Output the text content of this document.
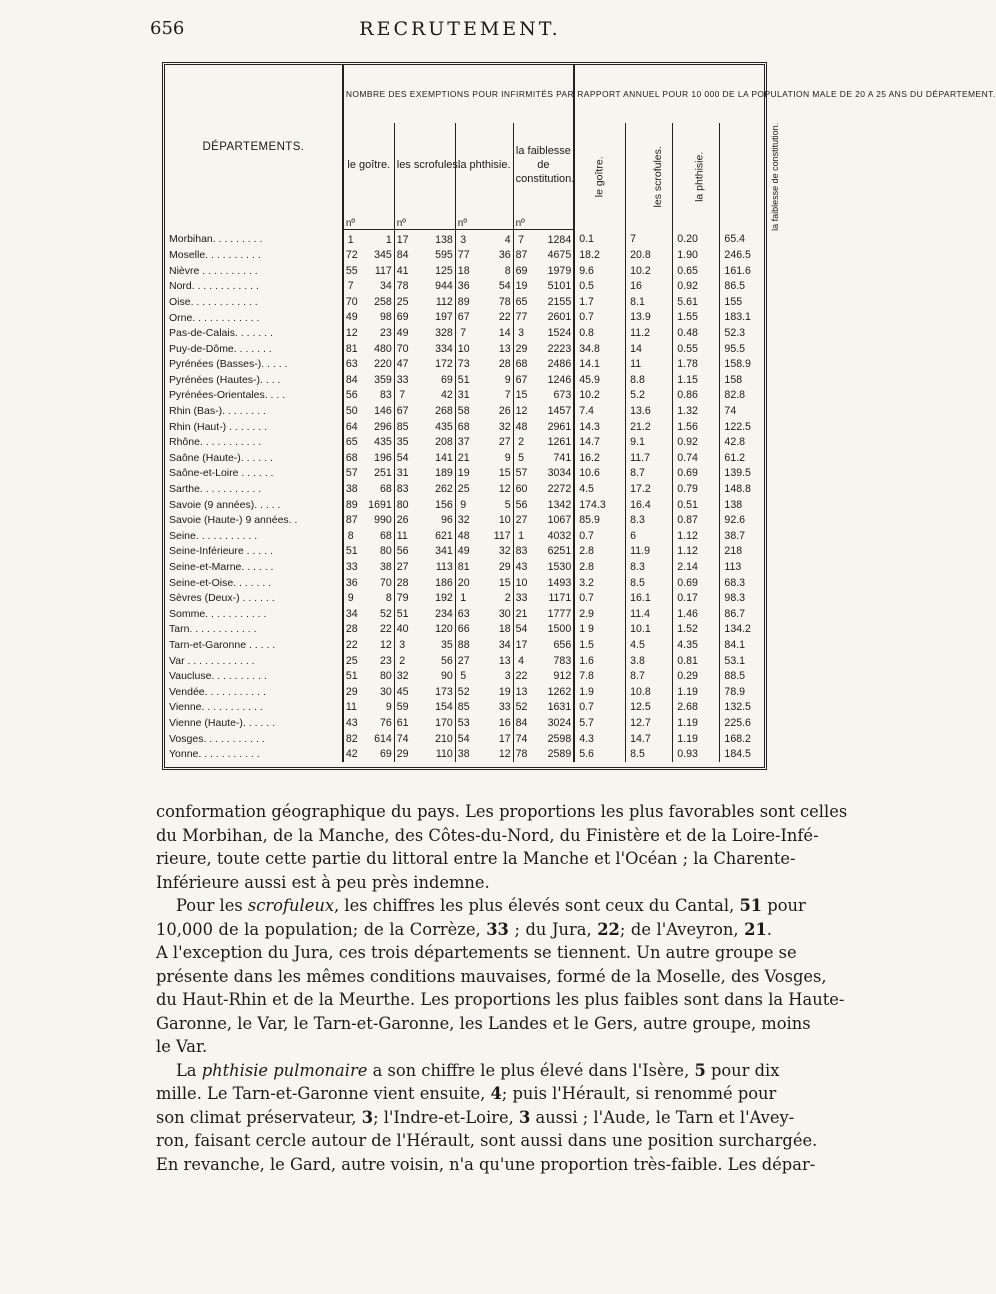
656	RECRUTEMENT.
DÉPARTEMENTS.	NOMBRE DES EXEMPTIONS POUR INFIRMITÉS PAR								RAPPORT ANNUEL POUR 10 000 DE LA POPULATION MALE DE 20 A 25 ANS DU DÉPARTEMENT.			
	le goître.		les scrofules.		la phthisie.		la faiblesse de constitution.		le goître.	les scrofules.	la phthisie.	la faiblesse de constitution.
	nº		nº		nº		nº					
Morbihan. . . . . . . . .	1	1	17	138	3	4	7	1284	0.1	7	0.20	65.4
Moselle. . . . . . . . . .	72	345	84	595	77	36	87	4675	18.2	20.8	1.90	246.5
Nièvre . . . . . . . . . .	55	117	41	125	18	8	69	1979	9.6	10.2	0.65	161.6
Nord. . . . . . . . . . . .	7	34	78	944	36	54	19	5101	0.5	16	0.92	86.5
Oise. . . . . . . . . . . .	70	258	25	112	89	78	65	2155	1.7	8.1	5.61	155
Orne. . . . . . . . . . . .	49	98	69	197	67	22	77	2601	0.7	13.9	1.55	183.1
Pas-de-Calais. . . . . . .	12	23	49	328	7	14	3	1524	0.8	11.2	0.48	52.3
Puy-de-Dôme. . . . . . .	81	480	70	334	10	13	29	2223	34.8	14	0.55	95.5
Pyrénées (Basses-). . . . .	63	220	47	172	73	28	68	2486	14.1	11	1.78	158.9
Pyrénées (Hautes-). . . .	84	359	33	69	51	9	67	1246	45.9	8.8	1.15	158
Pyrénées-Orientales. . . .	56	83	7	42	31	7	15	673	10.2	5.2	0.86	82.8
Rhin (Bas-). . . . . . . .	50	146	67	268	58	26	12	1457	7.4	13.6	1.32	74
Rhin (Haut-) . . . . . . .	64	296	85	435	68	32	48	2961	14.3	21.2	1.56	122.5
Rhône. . . . . . . . . . .	65	435	35	208	37	27	2	1261	14.7	9.1	0.92	42.8
Saône (Haute-). . . . . .	68	196	54	141	21	9	5	741	16.2	11.7	0.74	61.2
Saône-et-Loire . . . . . .	57	251	31	189	19	15	57	3034	10.6	8.7	0.69	139.5
Sarthe. . . . . . . . . . .	38	68	83	262	25	12	60	2272	4.5	17.2	0.79	148.8
Savoie (9 années). . . . .	89	1691	80	156	9	5	56	1342	174.3	16.4	0.51	138
Savoie (Haute-) 9 années. .	87	990	26	96	32	10	27	1067	85.9	8.3	0.87	92.6
Seine. . . . . . . . . . .	8	68	11	621	48	117	1	4032	0.7	6	1.12	38.7
Seine-Inférieure . . . . .	51	80	56	341	49	32	83	6251	2.8	11.9	1.12	218
Seine-et-Marne. . . . . .	33	38	27	113	81	29	43	1530	2.8	8.3	2.14	113
Seine-et-Oise. . . . . . .	36	70	28	186	20	15	10	1493	3.2	8.5	0.69	68.3
Sèvres (Deux-) . . . . . .	9	8	79	192	1	2	33	1171	0.7	16.1	0.17	98.3
Somme. . . . . . . . . . .	34	52	51	234	63	30	21	1777	2.9	11.4	1.46	86.7
Tarn. . . . . . . . . . . .	28	22	40	120	66	18	54	1500	1 9	10.1	1.52	134.2
Tarn-et-Garonne . . . . .	22	12	3	35	88	34	17	656	1.5	4.5	4.35	84.1
Var . . . . . . . . . . . .	25	23	2	56	27	13	4	783	1.6	3.8	0.81	53.1
Vaucluse. . . . . . . . . .	51	80	32	90	5	3	22	912	7.8	8.7	0.29	88.5
Vendée. . . . . . . . . . .	29	30	45	173	52	19	13	1262	1.9	10.8	1.19	78.9
Vienne. . . . . . . . . . .	11	9	59	154	85	33	52	1631	0.7	12.5	2.68	132.5
Vienne (Haute-). . . . . .	43	76	61	170	53	16	84	3024	5.7	12.7	1.19	225.6
Vosges. . . . . . . . . . .	82	614	74	210	54	17	74	2598	4.3	14.7	1.19	168.2
Yonne. . . . . . . . . . .	42	69	29	110	38	12	78	2589	5.6	8.5	0.93	184.5
conformation géographique du pays. Les proportions les plus favorables sont celles
du Morbihan, de la Manche, des Côtes-du-Nord, du Finistère et de la Loire-Infé-
rieure, toute cette partie du littoral entre la Manche et l'Océan ; la Charente-
Inférieure aussi est à peu près indemne.
Pour les scrofuleux, les chiffres les plus élevés sont ceux du Cantal, 51 pour
10,000 de la population; de la Corrèze, 33 ; du Jura, 22; de l'Aveyron, 21.
A l'exception du Jura, ces trois départements se tiennent. Un autre groupe se
présente dans les mêmes conditions mauvaises, formé de la Moselle, des Vosges,
du Haut-Rhin et de la Meurthe. Les proportions les plus faibles sont dans la Haute-
Garonne, le Var, le Tarn-et-Garonne, les Landes et le Gers, autre groupe, moins
le Var.
La phthisie pulmonaire a son chiffre le plus élevé dans l'Isère, 5 pour dix
mille. Le Tarn-et-Garonne vient ensuite, 4; puis l'Hérault, si renommé pour
son climat préservateur, 3; l'Indre-et-Loire, 3 aussi ; l'Aude, le Tarn et l'Avey-
ron, faisant cercle autour de l'Hérault, sont aussi dans une position surchargée.
En revanche, le Gard, autre voisin, n'a qu'une proportion très-faible. Les dépar-
